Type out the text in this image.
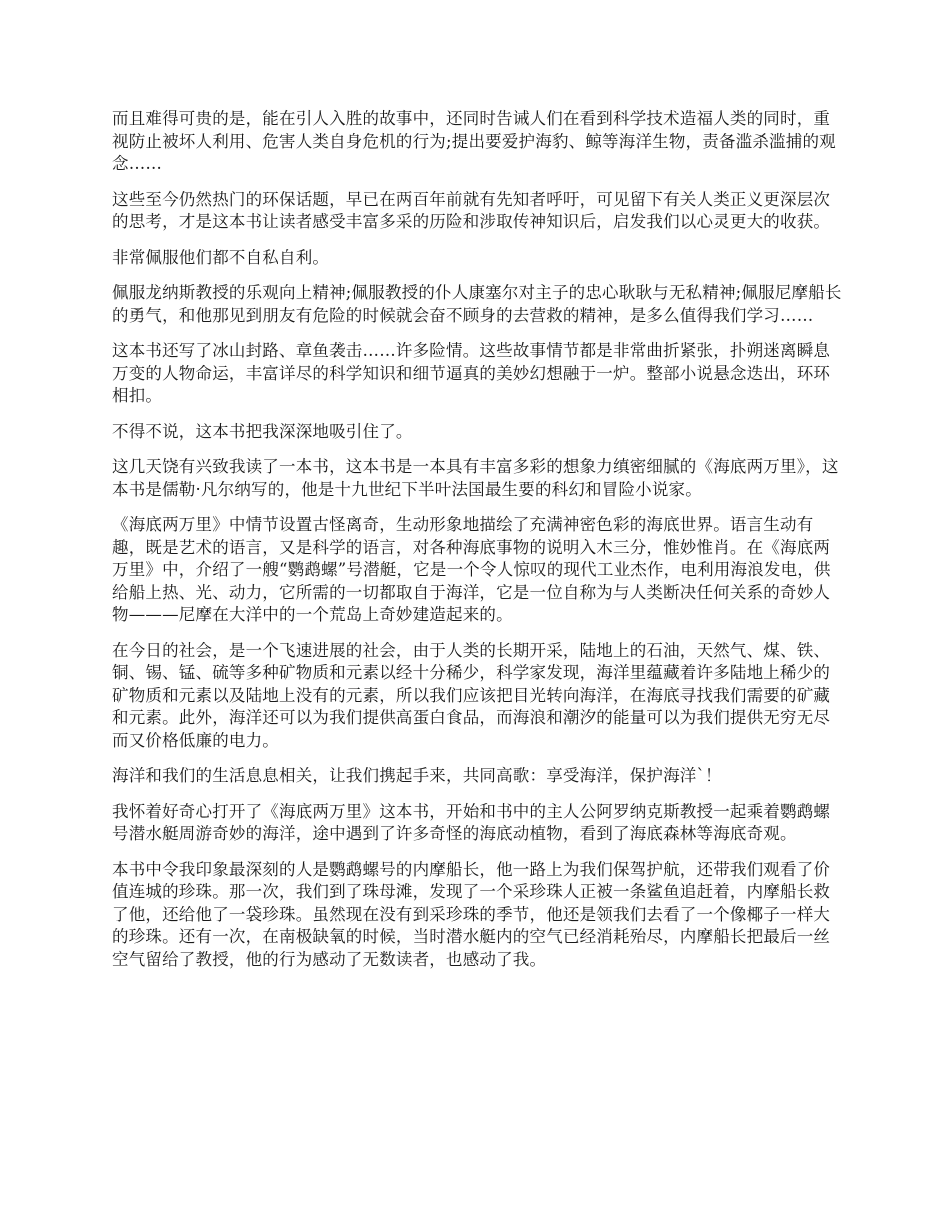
而且难得可贵的是，能在引人入胜的故事中，还同时告诫人们在看到科学技术造福人类的同时，重视防止被坏人利用、危害人类自身危机的行为;提出要爱护海豹、鲸等海洋生物，责备滥杀滥捕的观念……

这些至今仍然热门的环保话题，早已在两百年前就有先知者呼吁，可见留下有关人类正义更深层次的思考，才是这本书让读者感受丰富多采的历险和涉取传神知识后，启发我们以心灵更大的收获。

非常佩服他们都不自私自利。

佩服龙纳斯教授的乐观向上精神;佩服教授的仆人康塞尔对主子的忠心耿耿与无私精神;佩服尼摩船长的勇气，和他那见到朋友有危险的时候就会奋不顾身的去营救的精神，是多么值得我们学习……

这本书还写了冰山封路、章鱼袭击……许多险情。这些故事情节都是非常曲折紧张，扑朔迷离瞬息万变的人物命运，丰富详尽的科学知识和细节逼真的美妙幻想融于一炉。整部小说悬念迭出，环环相扣。

不得不说，这本书把我深深地吸引住了。

这几天饶有兴致我读了一本书，这本书是一本具有丰富多彩的想象力缜密细腻的《海底两万里》，这本书是儒勒·凡尔纳写的，他是十九世纪下半叶法国最生要的科幻和冒险小说家。

《海底两万里》中情节设置古怪离奇，生动形象地描绘了充满神密色彩的海底世界。语言生动有趣，既是艺术的语言，又是科学的语言，对各种海底事物的说明入木三分，惟妙惟肖。在《海底两万里》中，介绍了一艘“鹦鹉螺”号潜艇，它是一个令人惊叹的现代工业杰作，电利用海浪发电，供给船上热、光、动力，它所需的一切都取自于海洋，它是一位自称为与人类断决任何关系的奇妙人物———尼摩在大洋中的一个荒岛上奇妙建造起来的。

在今日的社会，是一个飞速进展的社会，由于人类的长期开采，陆地上的石油，天然气、煤、铁、铜、锡、锰、硫等多种矿物质和元素以经十分稀少，科学家发现，海洋里蕴藏着许多陆地上稀少的矿物质和元素以及陆地上没有的元素，所以我们应该把目光转向海洋，在海底寻找我们需要的矿藏和元素。此外，海洋还可以为我们提供高蛋白食品，而海浪和潮汐的能量可以为我们提供无穷无尽而又价格低廉的电力。

海洋和我们的生活息息相关，让我们携起手来，共同高歌：享受海洋，保护海洋`！

我怀着好奇心打开了《海底两万里》这本书，开始和书中的主人公阿罗纳克斯教授一起乘着鹦鹉螺号潜水艇周游奇妙的海洋，途中遇到了许多奇怪的海底动植物，看到了海底森林等海底奇观。

本书中令我印象最深刻的人是鹦鹉螺号的内摩船长，他一路上为我们保驾护航，还带我们观看了价值连城的珍珠。那一次，我们到了珠母滩，发现了一个采珍珠人正被一条鲨鱼追赶着，内摩船长救了他，还给他了一袋珍珠。虽然现在没有到采珍珠的季节，他还是领我们去看了一个像椰子一样大的珍珠。还有一次，在南极缺氧的时候，当时潜水艇内的空气已经消耗殆尽，内摩船长把最后一丝空气留给了教授，他的行为感动了无数读者，也感动了我。
